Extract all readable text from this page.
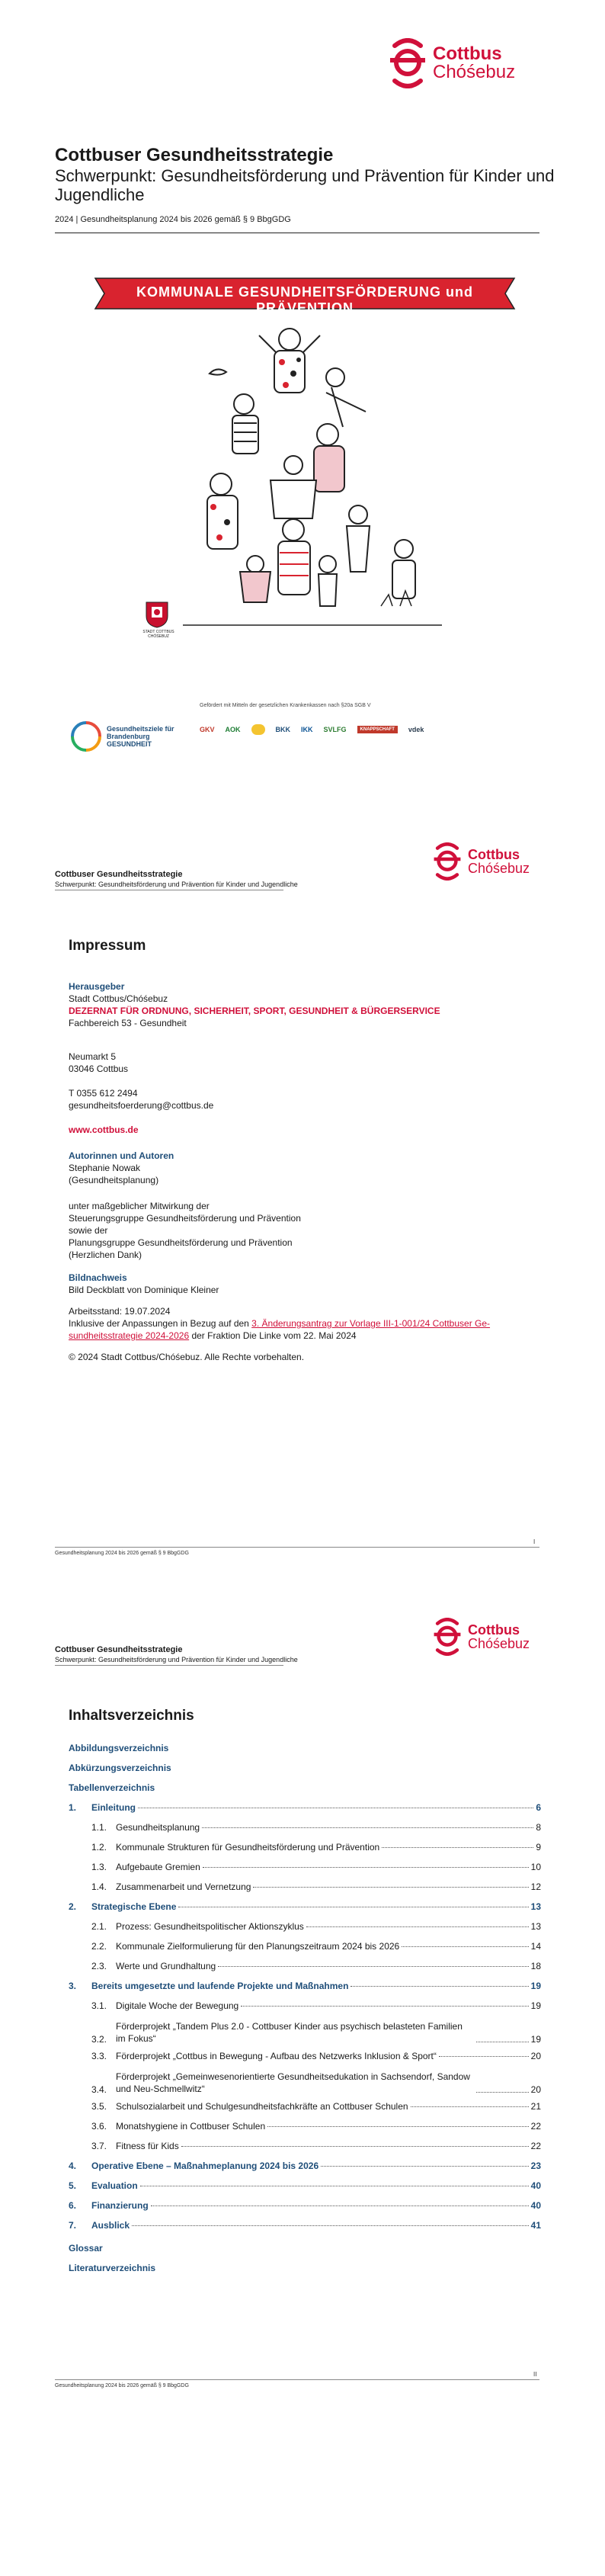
Cottbus
Chóśebuz
Cottbuser Gesundheitsstrategie
Schwerpunkt: Gesundheitsförderung und Prävention für Kinder und Jugendliche
2024 | Gesundheitsplanung 2024 bis 2026 gemäß § 9 BbgGDG
KOMMUNALE GESUNDHEITSFÖRDERUNG und PRÄVENTION
STADT COTTBUS CHÓŚEBUZ
Gesundheitsziele für Brandenburg GESUNDHEIT
Gefördert mit Mitteln der gesetzlichen Krankenkassen nach §20a SGB V
GKV AOK	BKK IKK SVLFG	KNAPPSCHAFT	vdek
Cottbuser Gesundheitsstrategie
Schwerpunkt: Gesundheitsförderung und Prävention für Kinder und Jugendliche
Cottbus
Chóśebuz
Impressum

Herausgeber

Stadt Cottbus/Chóśebuz

DEZERNAT FÜR ORDNUNG, SICHERHEIT, SPORT, GESUNDHEIT & BÜRGERSERVICE

Fachbereich 53 - Gesundheit

Neumarkt 5

03046 Cottbus

T 0355 612 2494

gesundheitsfoerderung@cottbus.de

www.cottbus.de

Autorinnen und Autoren

Stephanie Nowak

(Gesundheitsplanung)

unter maßgeblicher Mitwirkung der

Steuerungsgruppe Gesundheitsförderung und Prävention

sowie der

Planungsgruppe Gesundheitsförderung und Prävention

(Herzlichen Dank)

Bildnachweis

Bild Deckblatt von Dominique Kleiner

Arbeitsstand: 19.07.2024

Inklusive der Anpassungen in Bezug auf den 3. Änderungsantrag zur Vorlage III-1-001/24 Cottbuser Ge-sundheitsstrategie 2024-2026 der Fraktion Die Linke vom 22. Mai 2024

© 2024 Stadt Cottbus/Chóśebuz. Alle Rechte vorbehalten.
Gesundheitsplanung 2024 bis 2026 gemäß § 9 BbgGDG
I
Cottbuser Gesundheitsstrategie
Schwerpunkt: Gesundheitsförderung und Prävention für Kinder und Jugendliche
Cottbus
Chóśebuz
Inhaltsverzeichnis
Abbildungsverzeichnis
Abkürzungsverzeichnis
Tabellenverzeichnis
1.	Einleitung	6
1.1. Gesundheitsplanung	8
1.2. Kommunale Strukturen für Gesundheitsförderung und Prävention	9
1.3. Aufgebaute Gremien	10
1.4. Zusammenarbeit und Vernetzung	12
2.	Strategische Ebene	13
2.1. Prozess: Gesundheitspolitischer Aktionszyklus	13
2.2. Kommunale Zielformulierung für den Planungszeitraum 2024 bis 2026	14
2.3. Werte und Grundhaltung	18
3.	Bereits umgesetzte und laufende Projekte und Maßnahmen	19
3.1. Digitale Woche der Bewegung	19
3.2.
Förderprojekt „Tandem Plus 2.0 - Cottbuser Kinder aus psychisch belasteten Familien im Fokus“	19
3.3. Förderprojekt „Cottbus in Bewegung - Aufbau des Netzwerks Inklusion & Sport“	20
3.4.
Förderprojekt „Gemeinwesenorientierte Gesundheitsedukation in Sachsendorf, Sandow und Neu-Schmellwitz“	20
3.5. Schulsozialarbeit und Schulgesundheitsfachkräfte an Cottbuser Schulen	21
3.6. Monatshygiene in Cottbuser Schulen	22
3.7. Fitness für Kids	22
4.	Operative Ebene – Maßnahmeplanung 2024 bis 2026	23
5.	Evaluation	40
6.	Finanzierung	40
7.	Ausblick	41
Glossar
Literaturverzeichnis
Gesundheitsplanung 2024 bis 2026 gemäß § 9 BbgGDG
II
